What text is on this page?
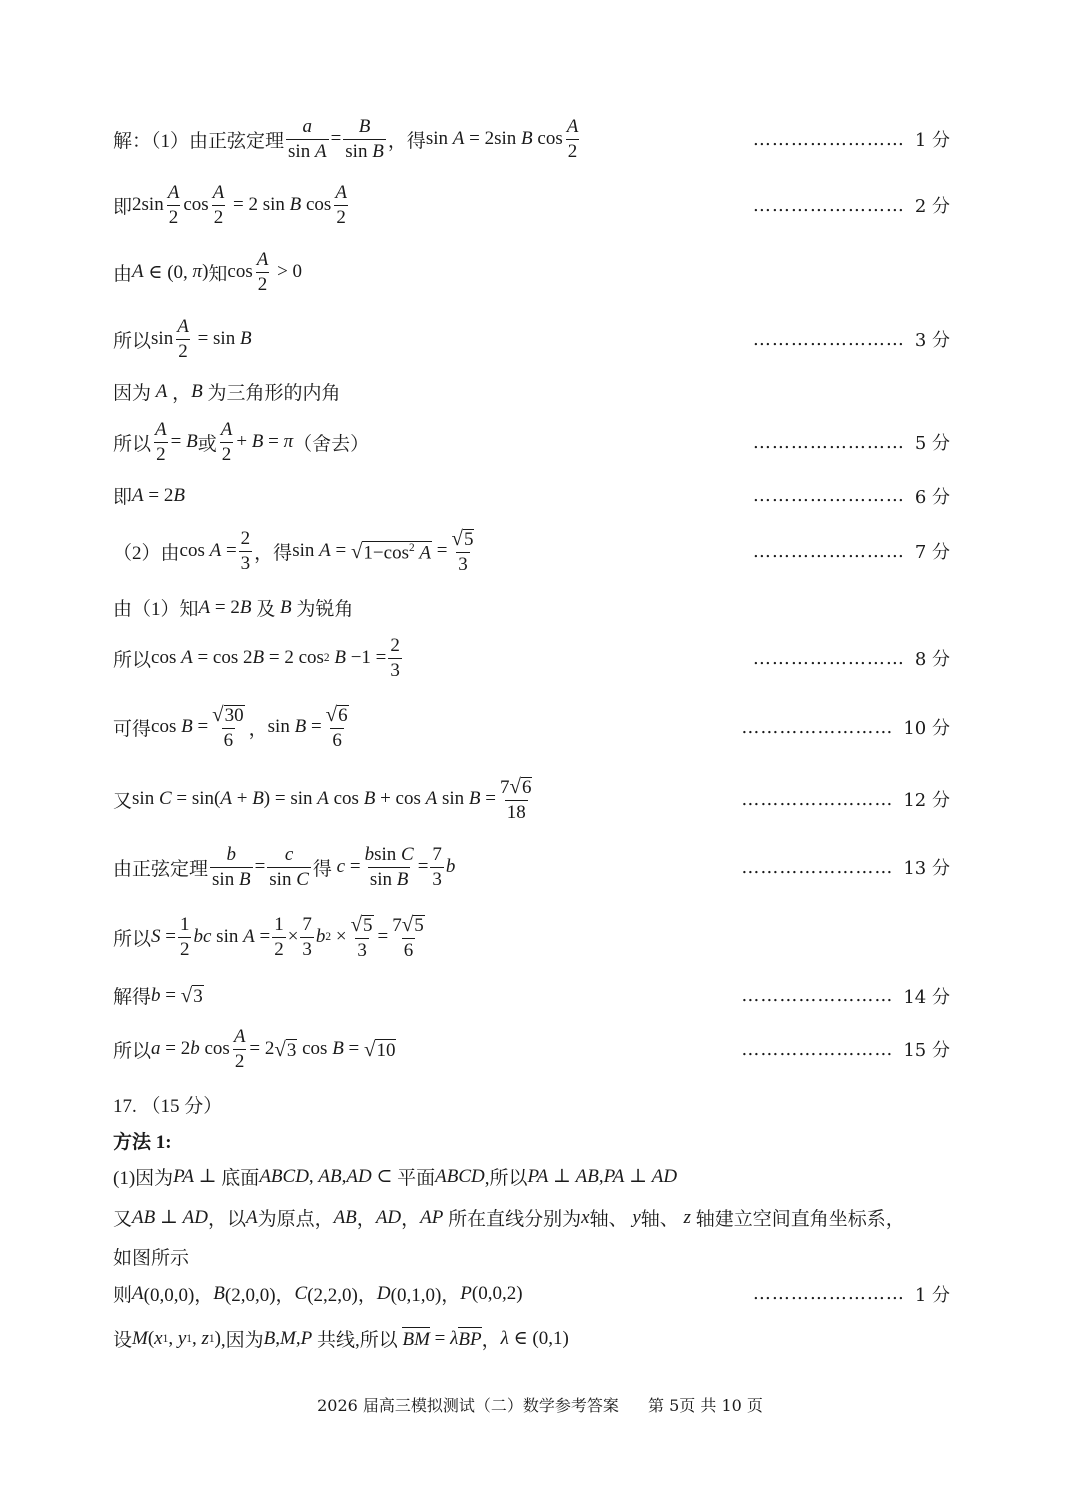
解：（1）由正弦定理 $\frac{a}{\text{sin A}} = \frac{B}{\text{sin B}}$ ，得 sin A = 2sin B $\cos \frac{A}{2}$	…………………… 1 分
即 $2\sin \frac{A}{2}$ $\cos \frac{A}{2} = 2$ sin B $\cos \frac{A}{2}$	…………………… 2 分
由 A ∈ (0, π ) 知 $\cos \frac{A}{2} > 0$
所以 $\sin \frac{A}{2} = \sin B$	…………………… 3 分
因为 A ， B
为三角形的内角
所以 $\frac{A}{2} = B$ 或 $\frac{A}{2} + B = \pi$ （舍去）	…………………… 5 分
即 A = 2 B	…………………… 6 分
（2）由 $\cos A = \frac{2}{3}$ ，得 sin A = √ $1-\cos^2$ $A = \frac{√ 5}{3}$	…………………… 7 分
由（1）知 A = 2 B
及
B
为锐角
所以 cos A = cos 2 B = 2 cos 2
$B -1 = \frac{2}{3}$	…………………… 8 分
可得 $\cos B = \frac{√ 30}{6}$ ， $\sin B = \frac{√ 6}{6}$	…………………… 10 分
又 sin C = sin( A + B ) = sin A cos B + cos A $\sin B = \frac{7 √ 6}{18}$	…………………… 12 分
由正弦定理 $\frac{b}{\text{sin B}} = \frac{c}{\text{sin C}}$ 得
$c = \frac{\text{bsin C}}{\text{sin B}} = \frac{7}{3}$ b	…………………… 13 分
所以 $S = \frac{1}{2}$ bc $\sin A = \frac{1}{2} \times \frac{7}{3}$ b $2 \times \frac{√ 5}{3} = \frac{7 √ 5}{6}$
解得 b = √ 3	…………………… 14 分
所以 a = 2 b $\cos \frac{A}{2} = 2$ √ 3 cos B = √ 10	…………………… 15 分
17. （15 分）
方法 1:
(1)因为 PA ⊥ 底面 ABCD , AB , AD ⊂ 平面 ABCD ,所以 PA ⊥ AB , PA ⊥ AD
又 AB ⊥ AD ，以 A 为原点， AB ， AD ， AP
所在直线分别为 x 轴、
y 轴、
z
轴建立空间直角坐标系，
如图所示
则 A (0,0,0)， B (2,0,0)， C (2,2,0)， D (0,1,0)， P (0,0,2)	…………………… 1 分
设 M ( x 1 , y 1 , z 1 ) ,因为 B , M , P
共线,所以
BM = λ BP ， λ ∈ (0,1)
2026 届高三模拟测试（二）数学参考答案 第 5页 共 10 页
